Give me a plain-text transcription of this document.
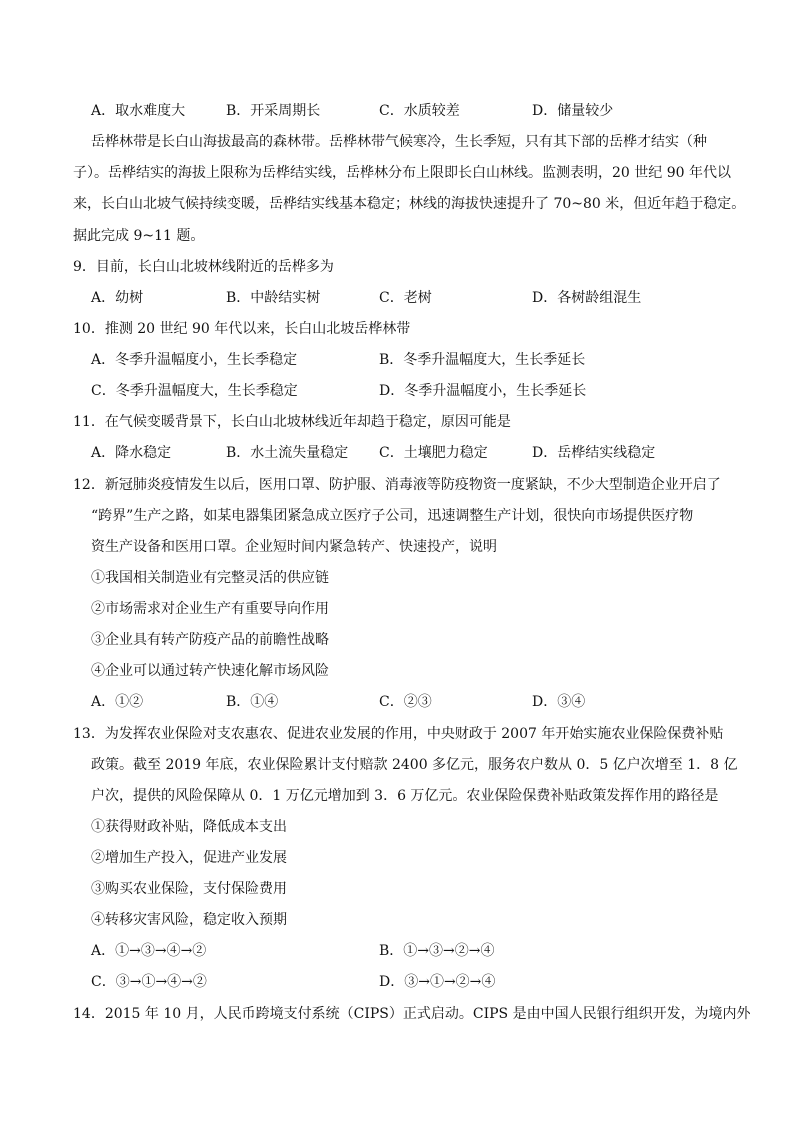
A．取水难度大	B．开采周期长	C．水质较差	D．储量较少
岳桦林带是长白山海拔最高的森林带。岳桦林带气候寒冷，生长季短，只有其下部的岳桦才结实（种
子）。岳桦结实的海拔上限称为岳桦结实线，岳桦林分布上限即长白山林线。监测表明，20 世纪 90 年代以
来，长白山北坡气候持续变暖，岳桦结实线基本稳定；林线的海拔快速提升了 70~80 米，但近年趋于稳定。
据此完成 9~11 题。
9．目前，长白山北坡林线附近的岳桦多为
A．幼树	B．中龄结实树	C．老树	D．各树龄组混生
10．推测 20 世纪 90 年代以来，长白山北坡岳桦林带
A．冬季升温幅度小，生长季稳定	B．冬季升温幅度大，生长季延长
C．冬季升温幅度大，生长季稳定	D．冬季升温幅度小，生长季延长
11．在气候变暖背景下，长白山北坡林线近年却趋于稳定，原因可能是
A．降水稳定	B．水土流失量稳定 C．土壤肥力稳定	D．岳桦结实线稳定
12．新冠肺炎疫情发生以后，医用口罩、防护服、消毒液等防疫物资一度紧缺，不少大型制造企业开启了
“跨界”生产之路，如某电器集团紧急成立医疗子公司，迅速调整生产计划，很快向市场提供医疗物
资生产设备和医用口罩。企业短时间内紧急转产、快速投产，说明
①我国相关制造业有完整灵活的供应链
②市场需求对企业生产有重要导向作用
③企业具有转产防疫产品的前瞻性战略
④企业可以通过转产快速化解市场风险
A．①②	B．①④	C．②③	D．③④
13．为发挥农业保险对支农惠农、促进农业发展的作用，中央财政于 2007 年开始实施农业保险保费补贴
政策。截至 2019 年底，农业保险累计支付赔款 2400 多亿元，服务农户数从 0．5 亿户次增至 1．8 亿
户次，提供的风险保障从 0．1 万亿元增加到 3．6 万亿元。农业保险保费补贴政策发挥作用的路径是
①获得财政补贴，降低成本支出
②增加生产投入，促进产业发展
③购买农业保险，支付保险费用
④转移灾害风险，稳定收入预期
A．①→③→④→②	B．①→③→②→④
C．③→①→④→②	D．③→①→②→④
14．2015 年 10 月，人民币跨境支付系统（CIPS）正式启动。CIPS 是由中国人民银行组织开发，为境内外
